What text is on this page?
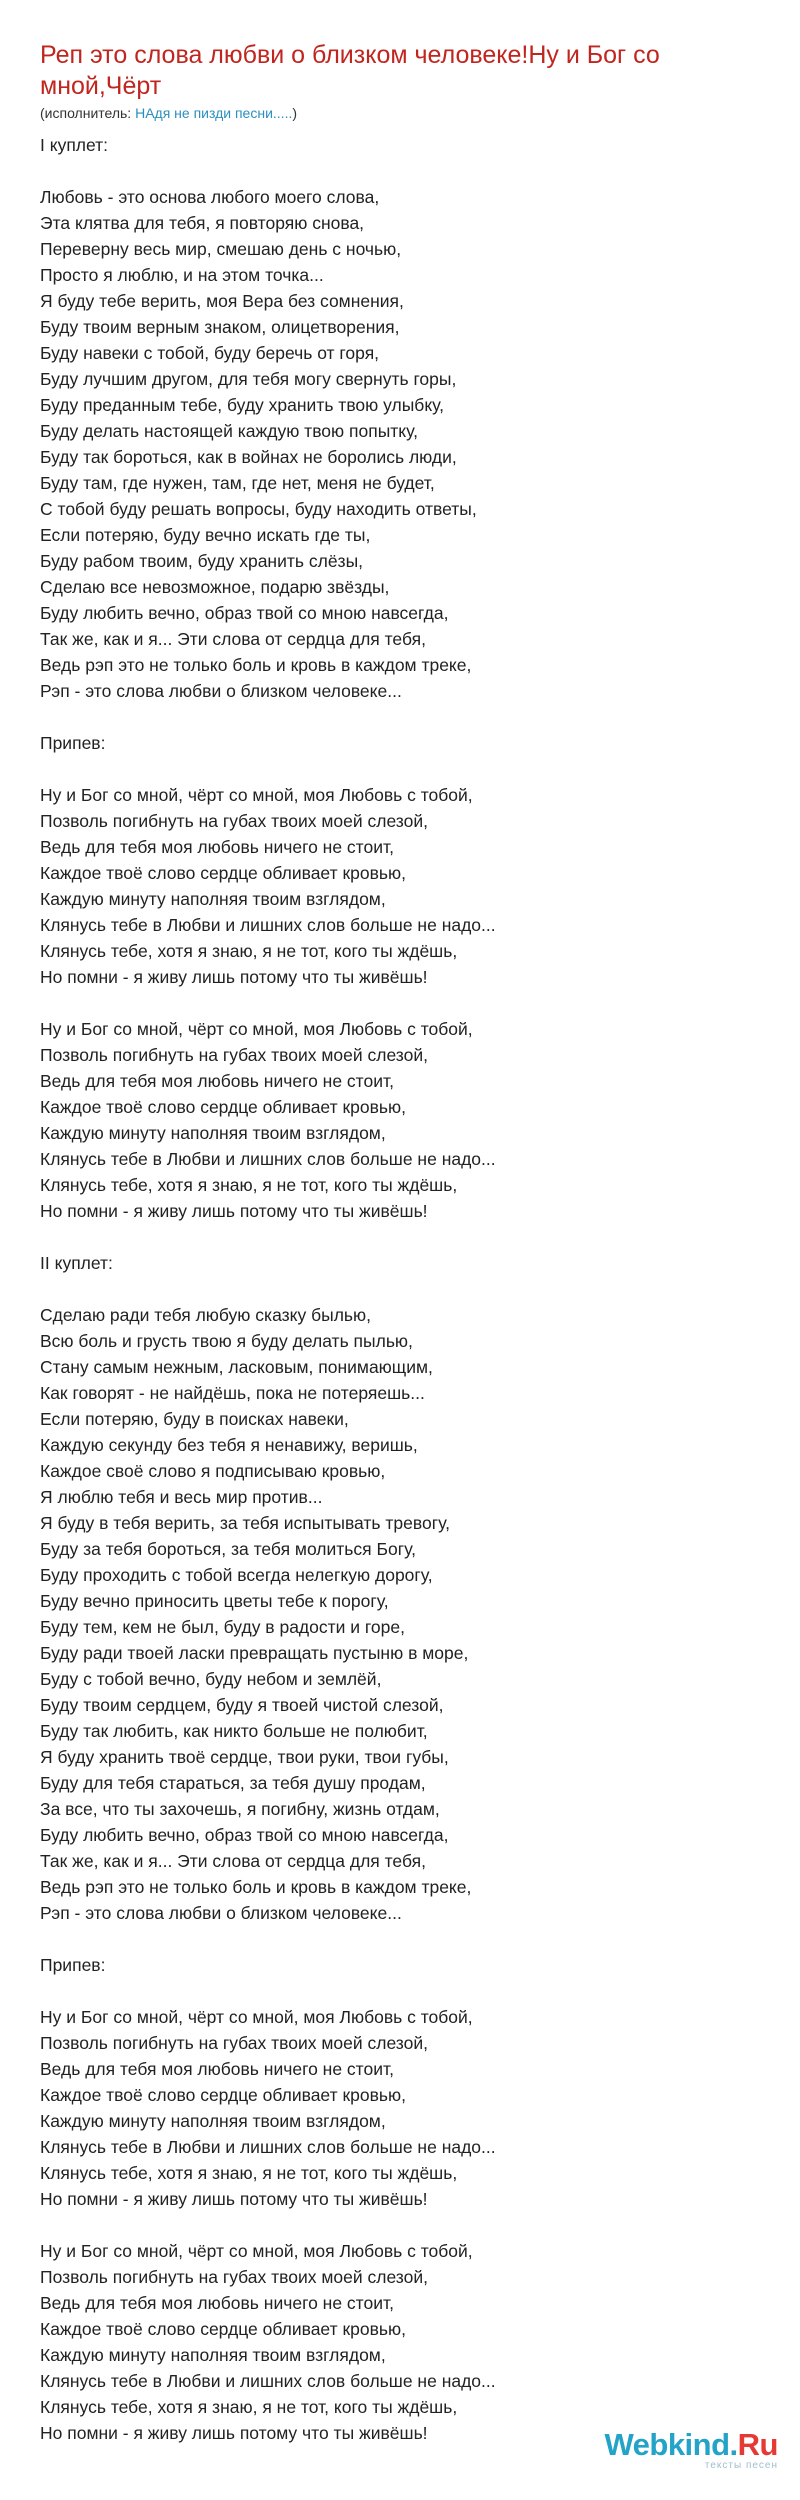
Реп это слова любви о близком человеке!Ну и Бог со мной,Чёрт
(исполнитель: НАдя не пизди песни.....)
I куплет:
Любовь - это основа любого моего слова,
Эта клятва для тебя, я повторяю снова,
Переверну весь мир, смешаю день с ночью,
Просто я люблю, и на этом точка...
Я буду тебе верить, моя Вера без сомнения,
Буду твоим верным знаком, олицетворения,
Буду навеки с тобой, буду беречь от горя,
Буду лучшим другом, для тебя могу свернуть горы,
Буду преданным тебе, буду хранить твою улыбку,
Буду делать настоящей каждую твою попытку,
Буду так бороться, как в войнах не боролись люди,
Буду там, где нужен, там, где нет, меня не будет,
С тобой буду решать вопросы, буду находить ответы,
Если потеряю, буду вечно искать где ты,
Буду рабом твоим, буду хранить слёзы,
Сделаю все невозможное, подарю звёзды,
Буду любить вечно, образ твой со мною навсегда,
Так же, как и я... Эти слова от сердца для тебя,
Ведь рэп это не только боль и кровь в каждом треке,
Рэп - это слова любви о близком человеке...
Припев:
Ну и Бог со мной, чёрт со мной, моя Любовь с тобой,
Позволь погибнуть на губах твоих моей слезой,
Ведь для тебя моя любовь ничего не стоит,
Каждое твоё слово сердце обливает кровью,
Каждую минуту наполняя твоим взглядом,
Клянусь тебе в Любви и лишних слов больше не надо...
Клянусь тебе, хотя я знаю, я не тот, кого ты ждёшь,
Но помни - я живу лишь потому что ты живёшь!
Ну и Бог со мной, чёрт со мной, моя Любовь с тобой,
Позволь погибнуть на губах твоих моей слезой,
Ведь для тебя моя любовь ничего не стоит,
Каждое твоё слово сердце обливает кровью,
Каждую минуту наполняя твоим взглядом,
Клянусь тебе в Любви и лишних слов больше не надо...
Клянусь тебе, хотя я знаю, я не тот, кого ты ждёшь,
Но помни - я живу лишь потому что ты живёшь!
II куплет:
Сделаю ради тебя любую сказку былью,
Всю боль и грусть твою я буду делать пылью,
Стану самым нежным, ласковым, понимающим,
Как говорят - не найдёшь, пока не потеряешь...
Если потеряю, буду в поисках навеки,
Каждую секунду без тебя я ненавижу, веришь,
Каждое своё слово я подписываю кровью,
Я люблю тебя и весь мир против...
Я буду в тебя верить, за тебя испытывать тревогу,
Буду за тебя бороться, за тебя молиться Богу,
Буду проходить с тобой всегда нелегкую дорогу,
Буду вечно приносить цветы тебе к порогу,
Буду тем, кем не был, буду в радости и горе,
Буду ради твоей ласки превращать пустыню в море,
Буду с тобой вечно, буду небом и землёй,
Буду твоим сердцем, буду я твоей чистой слезой,
Буду так любить, как никто больше не полюбит,
Я буду хранить твоё сердце, твои руки, твои губы,
Буду для тебя стараться, за тебя душу продам,
За все, что ты захочешь, я погибну, жизнь отдам,
Буду любить вечно, образ твой со мною навсегда,
Так же, как и я... Эти слова от сердца для тебя,
Ведь рэп это не только боль и кровь в каждом треке,
Рэп - это слова любви о близком человеке...
Припев:
Ну и Бог со мной, чёрт со мной, моя Любовь с тобой,
Позволь погибнуть на губах твоих моей слезой,
Ведь для тебя моя любовь ничего не стоит,
Каждое твоё слово сердце обливает кровью,
Каждую минуту наполняя твоим взглядом,
Клянусь тебе в Любви и лишних слов больше не надо...
Клянусь тебе, хотя я знаю, я не тот, кого ты ждёшь,
Но помни - я живу лишь потому что ты живёшь!
Ну и Бог со мной, чёрт со мной, моя Любовь с тобой,
Позволь погибнуть на губах твоих моей слезой,
Ведь для тебя моя любовь ничего не стоит,
Каждое твоё слово сердце обливает кровью,
Каждую минуту наполняя твоим взглядом,
Клянусь тебе в Любви и лишних слов больше не надо...
Клянусь тебе, хотя я знаю, я не тот, кого ты ждёшь,
Но помни - я живу лишь потому что ты живёшь!	Webkind.Ru
тексты песен
